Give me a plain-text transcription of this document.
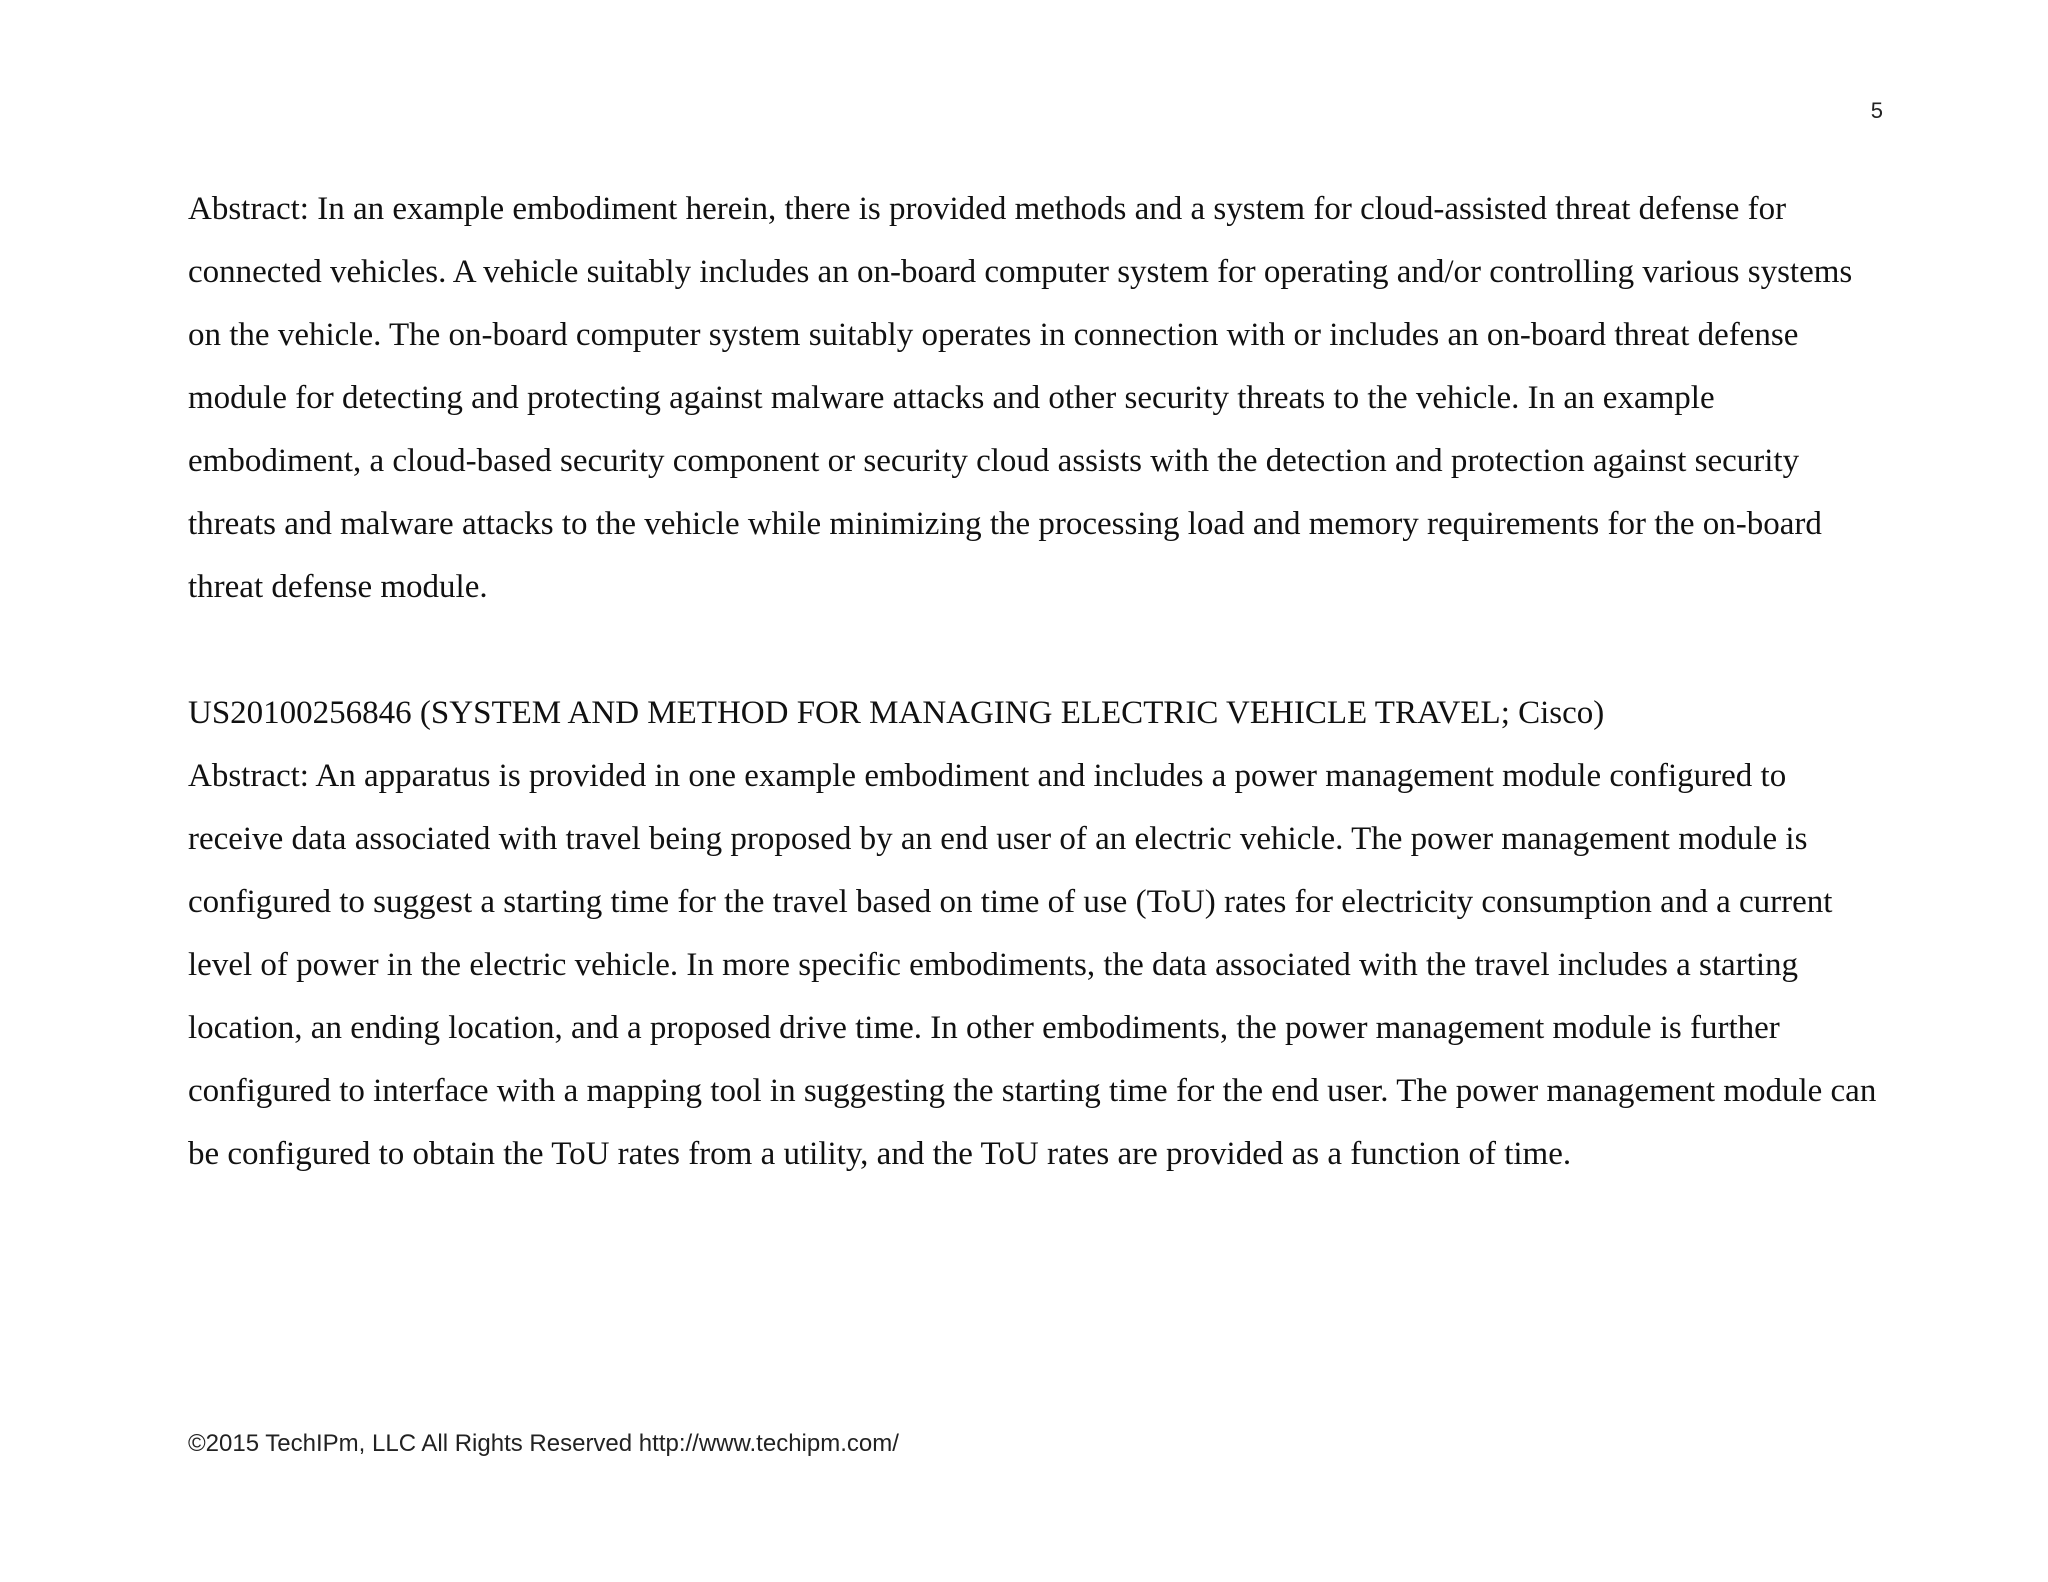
5

Abstract: In an example embodiment herein, there is provided methods and a system for cloud-assisted threat defense for connected vehicles. A vehicle suitably includes an on-board computer system for operating and/or controlling various systems on the vehicle. The on-board computer system suitably operates in connection with or includes an on-board threat defense module for detecting and protecting against malware attacks and other security threats to the vehicle. In an example embodiment, a cloud-based security component or security cloud assists with the detection and protection against security threats and malware attacks to the vehicle while minimizing the processing load and memory requirements for the on-board threat defense module.

US20100256846 (SYSTEM AND METHOD FOR MANAGING ELECTRIC VEHICLE TRAVEL; Cisco)

Abstract: An apparatus is provided in one example embodiment and includes a power management module configured to receive data associated with travel being proposed by an end user of an electric vehicle. The power management module is configured to suggest a starting time for the travel based on time of use (ToU) rates for electricity consumption and a current level of power in the electric vehicle. In more specific embodiments, the data associated with the travel includes a starting location, an ending location, and a proposed drive time. In other embodiments, the power management module is further configured to interface with a mapping tool in suggesting the starting time for the end user. The power management module can be configured to obtain the ToU rates from a utility, and the ToU rates are provided as a function of time.

©2015 TechIPm, LLC All Rights Reserved http://www.techipm.com/
